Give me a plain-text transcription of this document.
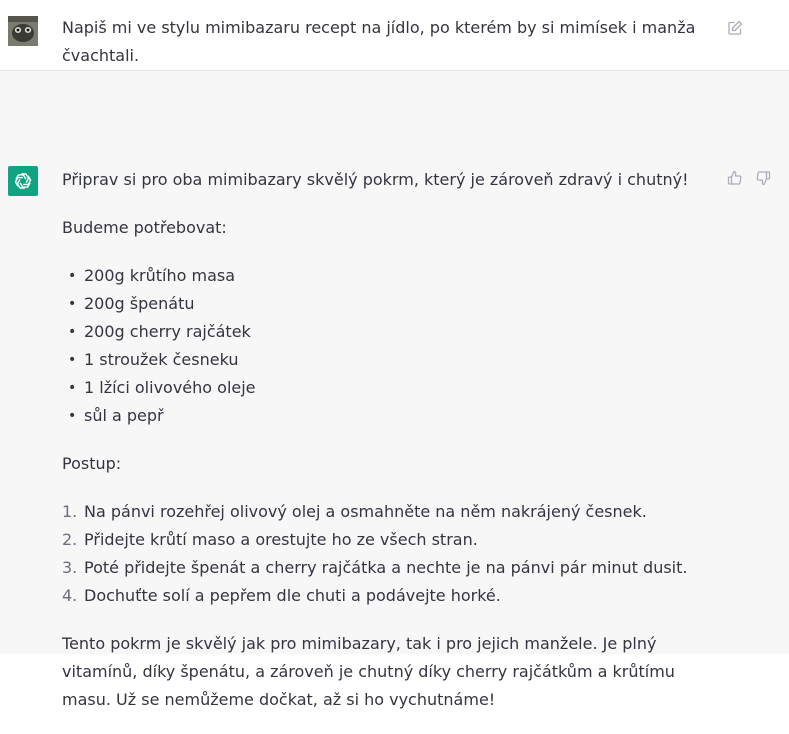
Napiš mi ve stylu mimibazaru recept na jídlo, po kterém by si mimísek i manža čvachtali.

Připrav si pro oba mimibazary skvělý pokrm, který je zároveň zdravý i chutný!

Budeme potřebovat:

• 200g krůtího masa
• 200g špenátu
• 200g cherry rajčátek
• 1 stroužek česneku
• 1 lžíci olivového oleje
• sůl a pepř

Postup:

1. Na pánvi rozehřej olivový olej a osmahněte na něm nakrájený česnek.
2. Přidejte krůtí maso a orestujte ho ze všech stran.
3. Poté přidejte špenát a cherry rajčátka a nechte je na pánvi pár minut dusit.
4. Dochuťte solí a pepřem dle chuti a podávejte horké.

Tento pokrm je skvělý jak pro mimibazary, tak i pro jejich manžele. Je plný vitamínů, díky špenátu, a zároveň je chutný díky cherry rajčátkům a krůtímu masu. Už se nemůžeme dočkat, až si ho vychutnáme!
